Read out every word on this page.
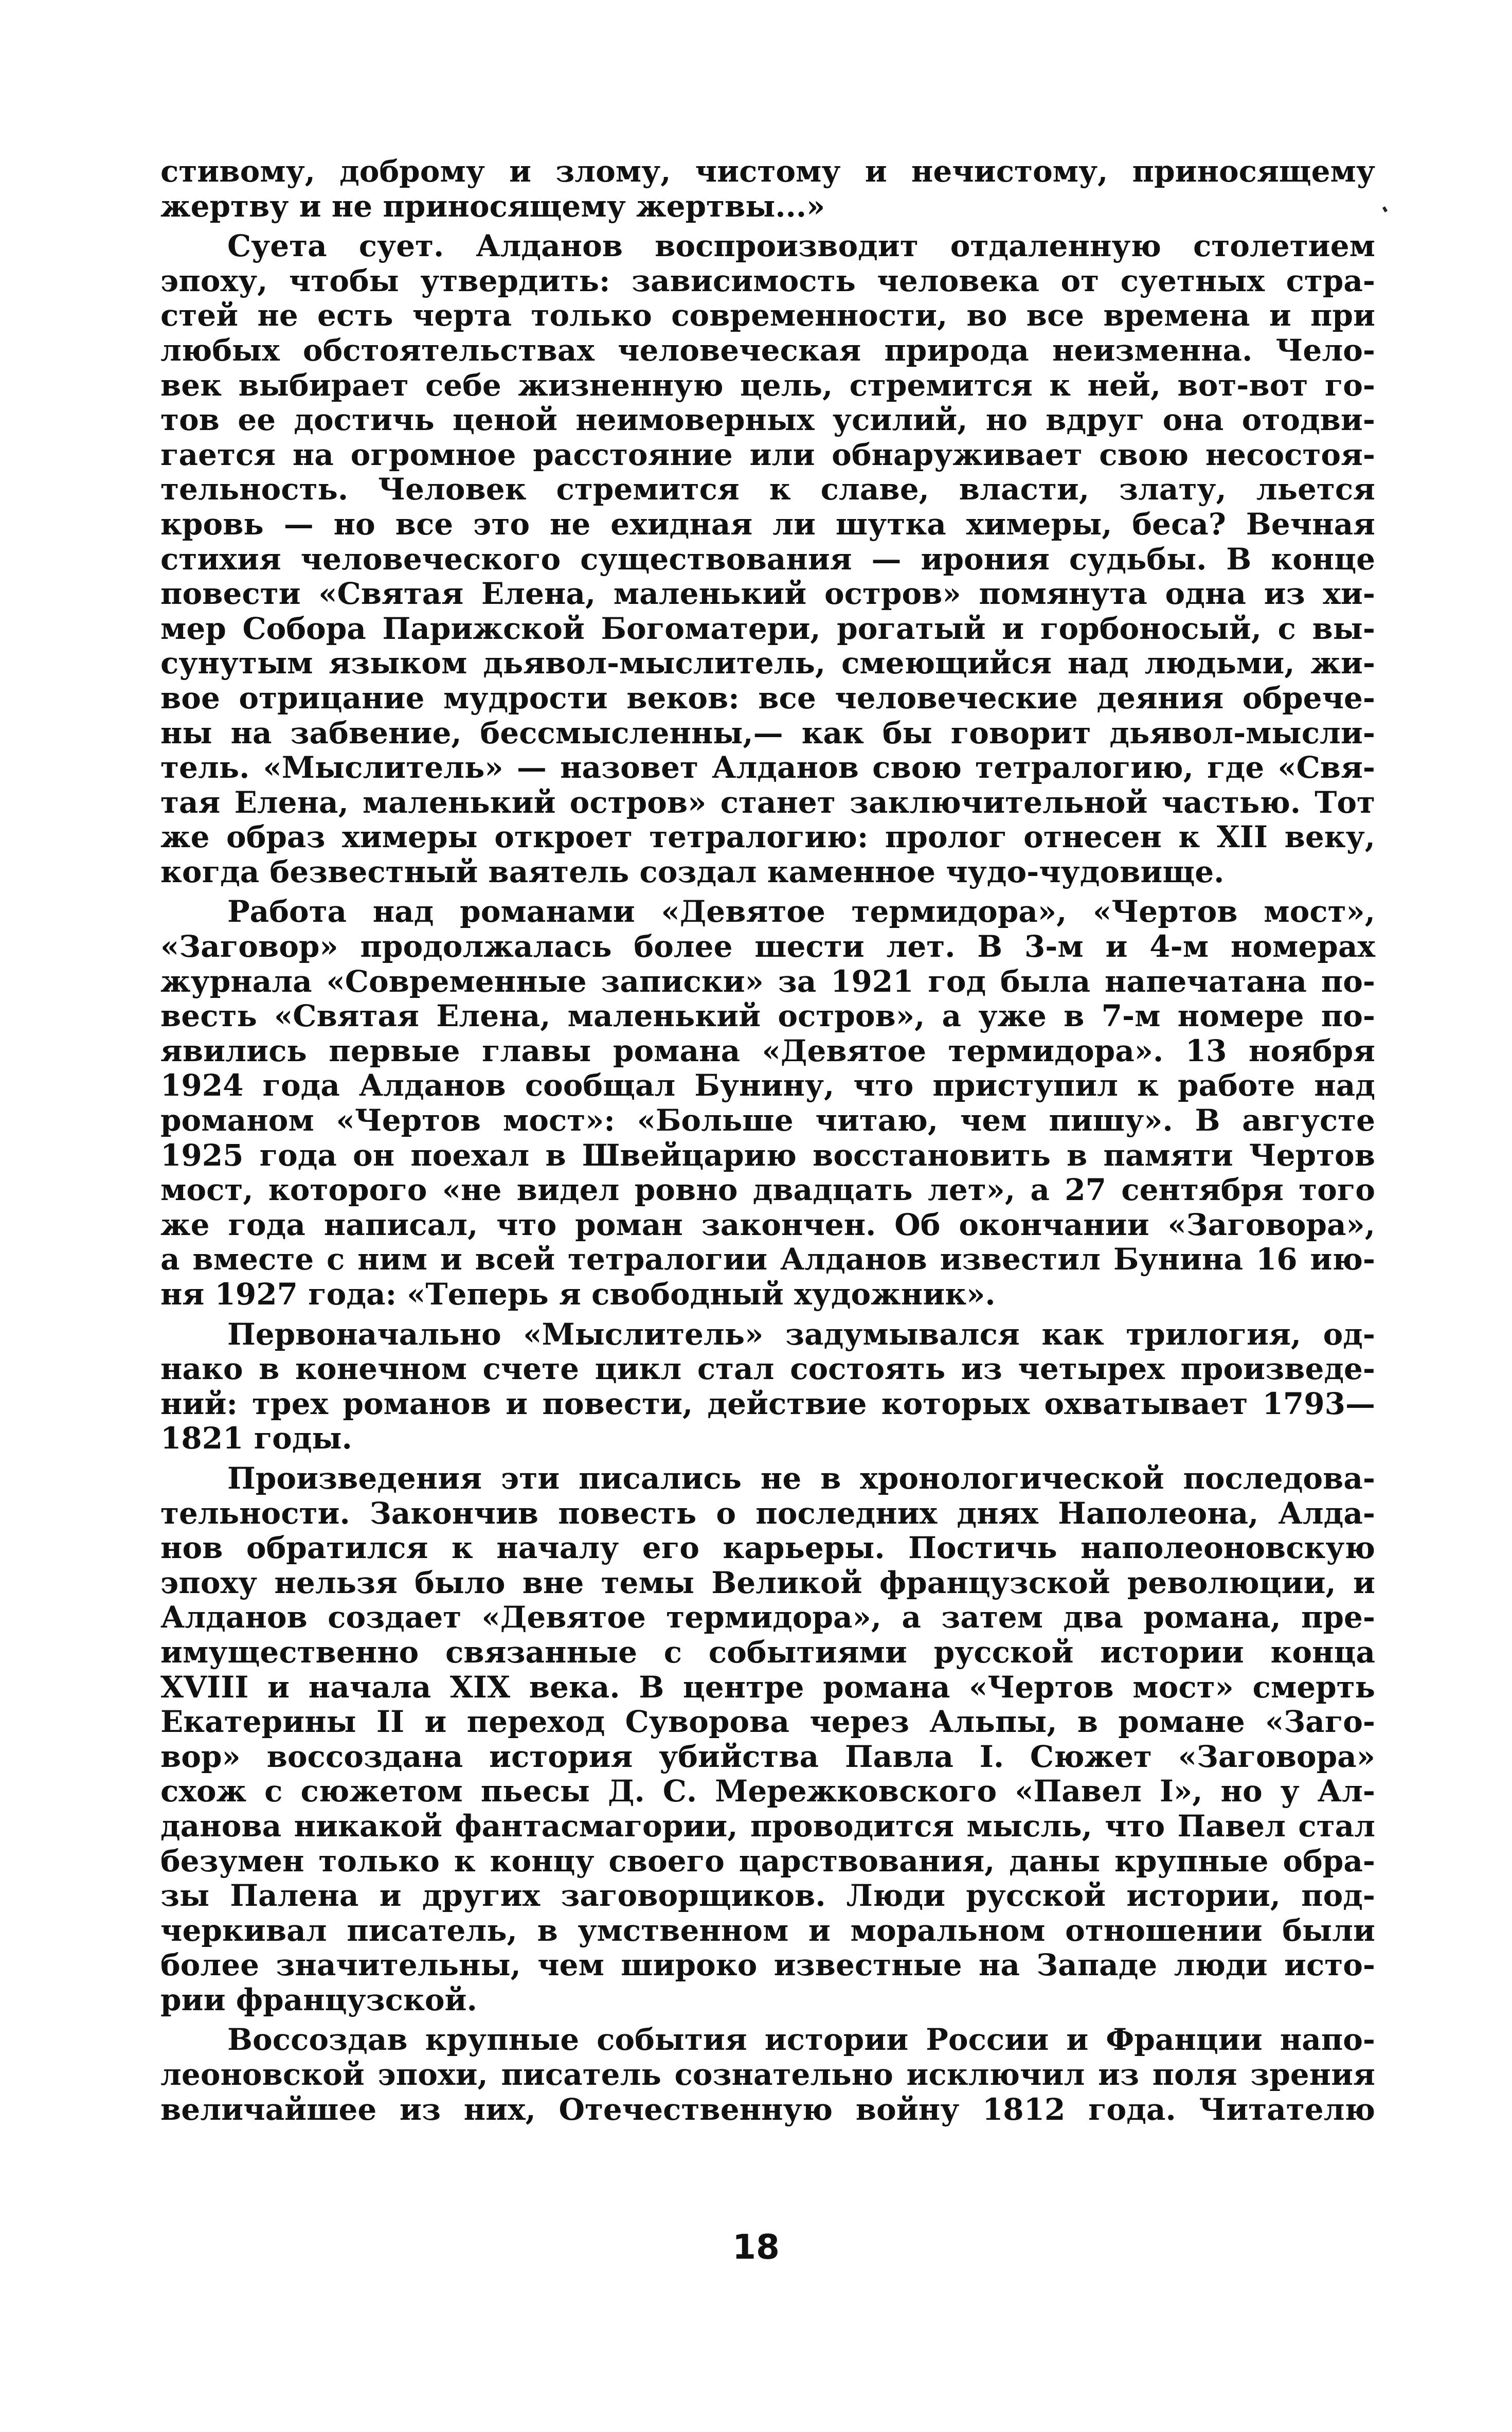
стивому, доброму и злому, чистому и нечистому, приносящему
жертву и не приносящему жертвы...»

Суета сует. Алданов воспроизводит отдаленную столетием
эпоху, чтобы утвердить: зависимость человека от суетных стра-
стей не есть черта только современности, во все времена и при
любых обстоятельствах человеческая природа неизменна. Чело-
век выбирает себе жизненную цель, стремится к ней, вот-вот го-
тов ее достичь ценой неимоверных усилий, но вдруг она отодви-
гается на огромное расстояние или обнаруживает свою несостоя-
тельность. Человек стремится к славе, власти, злату, льется
кровь — но все это не ехидная ли шутка химеры, беса? Вечная
стихия человеческого существования — ирония судьбы. В конце
повести «Святая Елена, маленький остров» помянута одна из хи-
мер Собора Парижской Богоматери, рогатый и горбоносый, с вы-
сунутым языком дьявол-мыслитель, смеющийся над людьми, жи-
вое отрицание мудрости веков: все человеческие деяния обрече-
ны на забвение, бессмысленны,— как бы говорит дьявол-мысли-
тель. «Мыслитель» — назовет Алданов свою тетралогию, где «Свя-
тая Елена, маленький остров» станет заключительной частью. Тот
же образ химеры откроет тетралогию: пролог отнесен к XII веку,
когда безвестный ваятель создал каменное чудо-чудовище.

Работа над романами «Девятое термидора», «Чертов мост»,
«Заговор» продолжалась более шести лет. В 3-м и 4-м номерах
журнала «Современные записки» за 1921 год была напечатана по-
весть «Святая Елена, маленький остров», а уже в 7-м номере по-
явились первые главы романа «Девятое термидора». 13 ноября
1924 года Алданов сообщал Бунину, что приступил к работе над
романом «Чертов мост»: «Больше читаю, чем пишу». В августе
1925 года он поехал в Швейцарию восстановить в памяти Чертов
мост, которого «не видел ровно двадцать лет», а 27 сентября того
же года написал, что роман закончен. Об окончании «Заговора»,
а вместе с ним и всей тетралогии Алданов известил Бунина 16 ию-
ня 1927 года: «Теперь я свободный художник».

Первоначально «Мыслитель» задумывался как трилогия, од-
нако в конечном счете цикл стал состоять из четырех произведе-
ний: трех романов и повести, действие которых охватывает 1793—
1821 годы.

Произведения эти писались не в хронологической последова-
тельности. Закончив повесть о последних днях Наполеона, Алда-
нов обратился к началу его карьеры. Постичь наполеоновскую
эпоху нельзя было вне темы Великой французской революции, и
Алданов создает «Девятое термидора», а затем два романа, пре-
имущественно связанные с событиями русской истории конца
XVIII и начала XIX века. В центре романа «Чертов мост» смерть
Екатерины II и переход Суворова через Альпы, в романе «Заго-
вор» воссоздана история убийства Павла I. Сюжет «Заговора»
схож с сюжетом пьесы Д. С. Мережковского «Павел I», но у Ал-
данова никакой фантасмагории, проводится мысль, что Павел стал
безумен только к концу своего царствования, даны крупные обра-
зы Палена и других заговорщиков. Люди русской истории, под-
черкивал писатель, в умственном и моральном отношении были
более значительны, чем широко известные на Западе люди исто-
рии французской.

Воссоздав крупные события истории России и Франции напо-
леоновской эпохи, писатель сознательно исключил из поля зрения
величайшее из них, Отечественную войну 1812 года. Читателю

18
